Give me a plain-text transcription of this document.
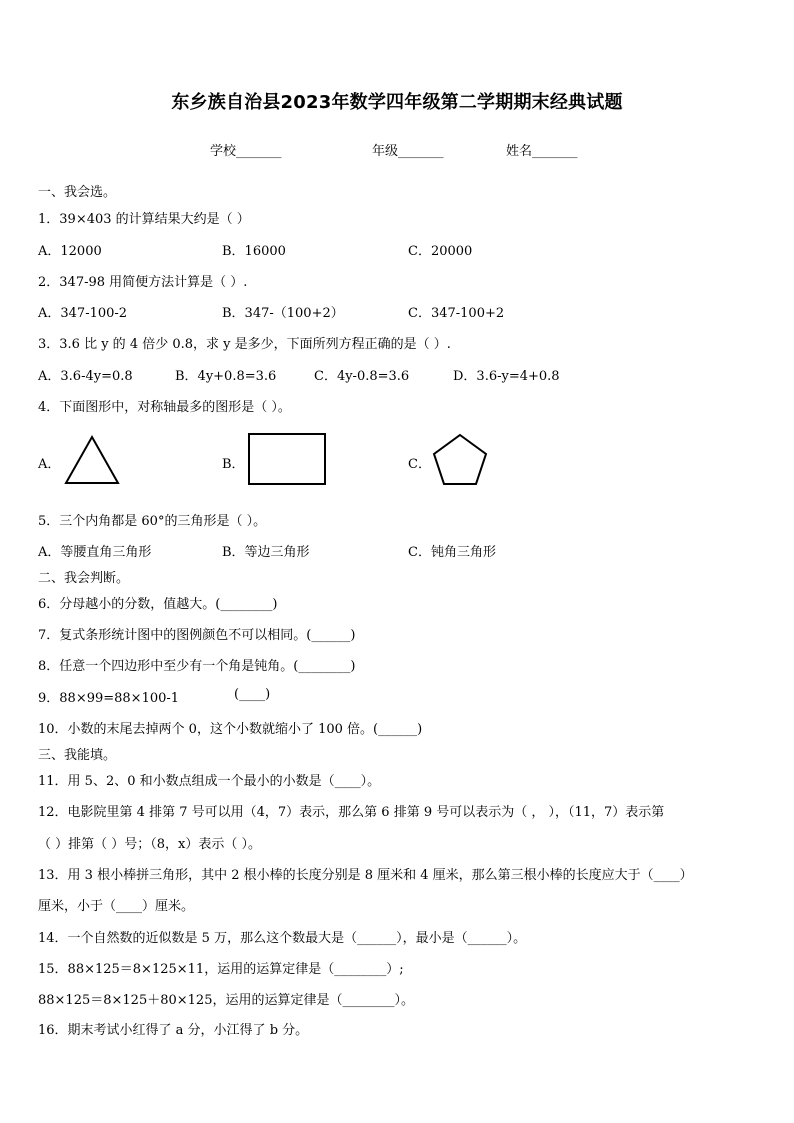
东乡族自治县2023年数学四年级第二学期期末经典试题
学校_______	年级_______	姓名_______
一、我会选。
1．39×403 的计算结果大约是（ ）
A．12000	B．16000	C．20000
2．347-98 用简便方法计算是（ ）.
A．347-100-2	B．347-（100+2）	C．347-100+2
3．3.6 比 y 的 4 倍少 0.8，求 y 是多少，下面所列方程正确的是（ ）.
A．3.6-4y=0.8	B．4y+0.8=3.6	C．4y-0.8=3.6	D．3.6-y=4+0.8
4．下面图形中，对称轴最多的图形是（ ）。
A．	B．	C．
5．三个内角都是 60°的三角形是（ ）。
A．等腰直角三角形	B．等边三角形	C．钝角三角形
二、我会判断。
6．分母越小的分数，值越大。(________)
7．复式条形统计图中的图例颜色不可以相同。(______)
8．任意一个四边形中至少有一个角是钝角。(________)
9．88×99=88×100-1	(____)
10．小数的末尾去掉两个 0，这个小数就缩小了 100 倍。(______)
三、我能填。
11．用 5、2、0 和小数点组成一个最小的小数是（____）。
12．电影院里第 4 排第 7 号可以用（4，7）表示，那么第 6 排第 9 号可以表示为（ ， ），（11，7）表示第
（ ）排第（ ）号；（8，x）表示（ ）。
13．用 3 根小棒拼三角形，其中 2 根小棒的长度分别是 8 厘米和 4 厘米，那么第三根小棒的长度应大于（____）
厘米，小于（____）厘米。
14．一个自然数的近似数是 5 万，那么这个数最大是（______），最小是（______）。
15．88×125＝8×125×11，运用的运算定律是（________）;
88×125＝8×125＋80×125，运用的运算定律是（________）。
16．期末考试小红得了 a 分，小江得了 b 分。
